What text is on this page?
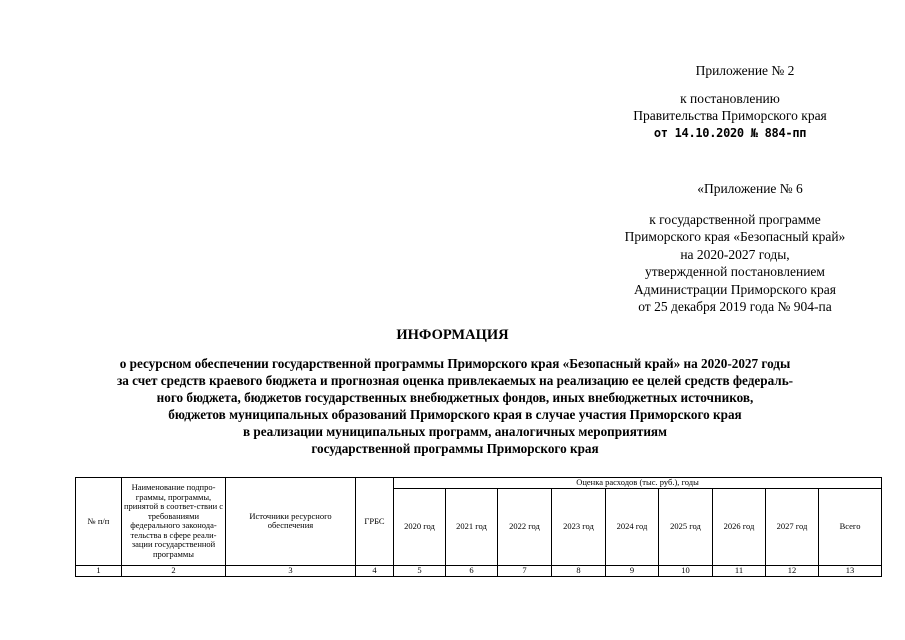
Приложение № 2
к постановлению
Правительства Приморского края
от 14.10.2020 № 884-пп
«Приложение № 6
к государственной программе
Приморского края «Безопасный край»
на 2020-2027 годы,
утвержденной постановлением
Администрации Приморского края
от 25 декабря 2019 года № 904-па
ИНФОРМАЦИЯ
о ресурсном обеспечении государственной программы Приморского края «Безопасный край» на 2020-2027 годы
за счет средств краевого бюджета и прогнозная оценка привлекаемых на реализацию ее целей средств федераль-
ного бюджета, бюджетов государственных внебюджетных фондов, иных внебюджетных источников,
бюджетов муниципальных образований Приморского края в случае участия Приморского края
в реализации муниципальных программ, аналогичных мероприятиям
государственной программы Приморского края
№ п/п	Наименование подпро-граммы, программы, принятой в соответ-ствии с требованиями федерального законода-тельства в сфере реали-зации государственной программы	Источники ресурсного обеспечения	ГРБС	Оценка расходов (тыс. руб.), годы								
				2020 год	2021 год	2022 год	2023 год	2024 год	2025 год	2026 год	2027 год	Всего
1	2	3	4	5	6	7	8	9	10	11	12	13
